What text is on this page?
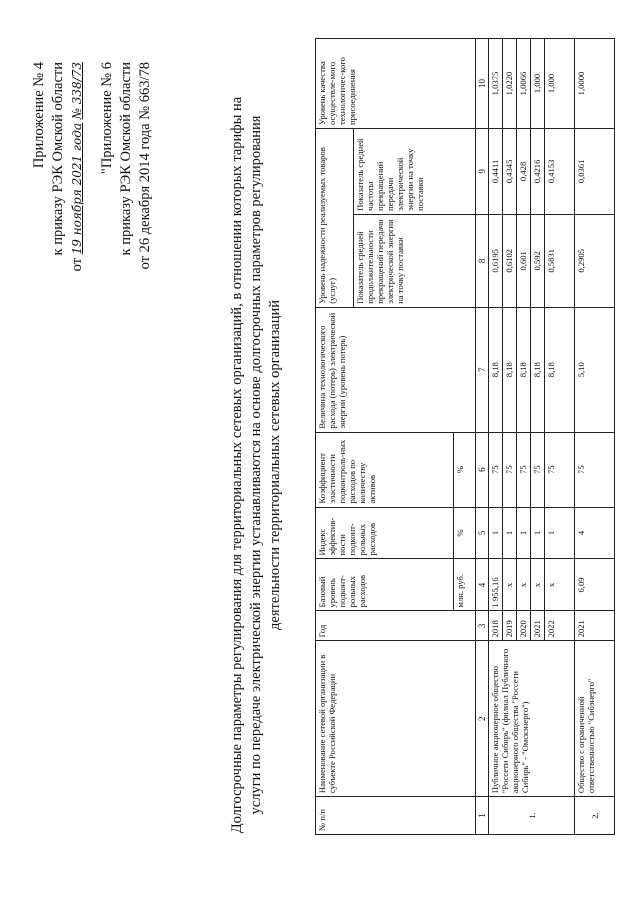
Приложение № 4 к приказу РЭК Омской области
от 19 ноября 2021 года № 338/73 "Приложение № 6 к приказу РЭК Омской области от 26 декабря 2014 года № 663/78	Долгосрочные параметры регулирования для территориальных сетевых организаций, в отношении которых тарифы на услуги по передаче электрической энергии устанавливаются на основе долгосрочных параметров регулирования деятельности территориальных сетевых организаций
№ п/п	Наименование сетевой организации в субъекте Российской Федерации	Год	Базовый уровень подконт-рольных расходов	Индекс эффектив-ности подконт-рольных расходов	Коэффициент эластичности подконтроль-ных расходов по количеству активов	Величина технологического расхода (потерь) электрической энергии (уровень потерь)	Уровень надежности реализуемых товаров (услуг)		Уровень качества осуществле-мого технологичес-кого присоединения
							Показатель средней продолжительности прекращений передачи электрической энергии на точку поставки	Показатель средней частоты прекращений передачи электрической энергии на точку поставки	
			млн. руб.	%	%				
1	2	3	4	5	6	7	8	9	10
1.	Публичное акционерное общество "Россети Сибирь" (филиал Публичного акционерного общества "Россети Сибирь" - "Омскэнерго")	2018	1 955,16	1	75	8,18	0,6195	0,4411	1,0375
		2019	x	1	75	8,18	0,6102	0,4345	1,0220
		2020	x	1	75	8,18	0,601	0,428	1,0066
		2021	x	1	75	8,18	0,592	0,4216	1,000
		2022	x	1	75	8,18	0,5831	0,4153	1,000
2.	Общество с ограниченной ответственностью "Сибэнерго"	2021	6,09	4	75	5,10	0,2905	0,0361	1,0000
